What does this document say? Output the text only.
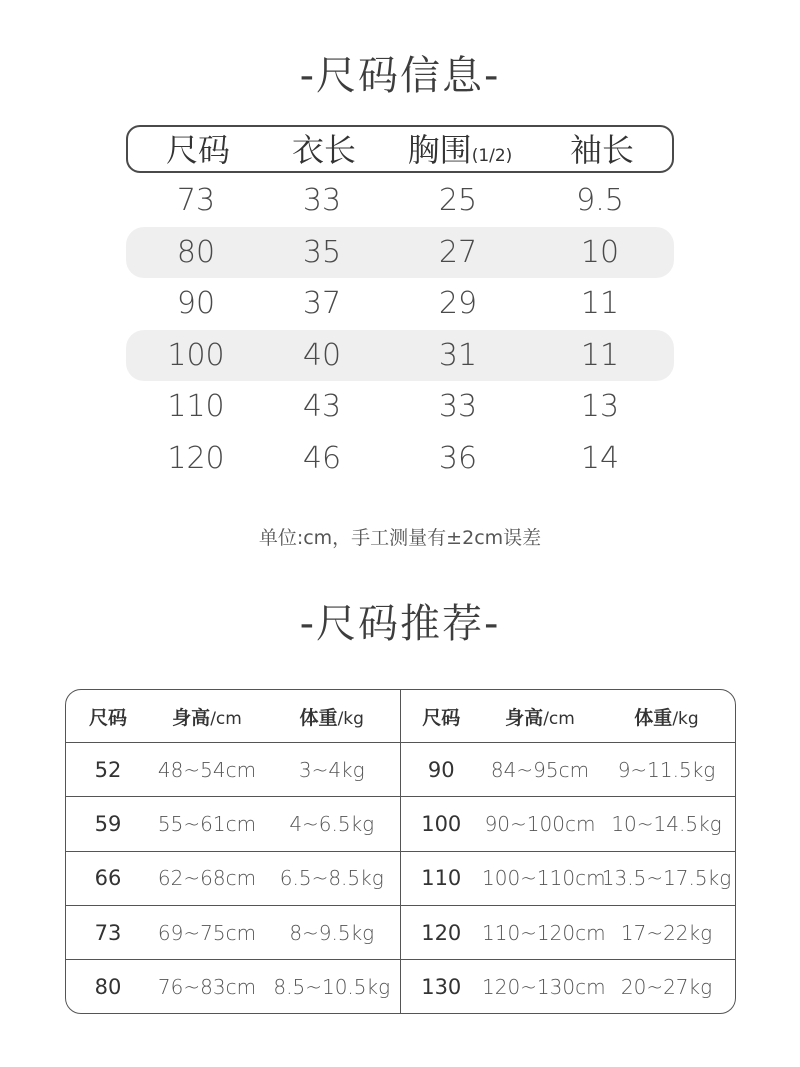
-尺码信息-
尺码	衣长	胸围(1/2)	袖长
73	33	25	9.5
80	35	27	10
90	37	29	11
100	40	31	11
110	43	33	13
120	46	36	14
单位:cm，手工测量有±2cm误差
-尺码推荐-
尺码	身高/cm	体重/kg	尺码	身高/cm	体重/kg
52	48~54cm	3~4kg	90	84~95cm	9~11.5kg
59	55~61cm	4~6.5kg	100	90~100cm	10~14.5kg
66	62~68cm	6.5~8.5kg	110	100~110cm	13.5~17.5kg
73	69~75cm	8~9.5kg	120	110~120cm	17~22kg
80	76~83cm	8.5~10.5kg	130	120~130cm	20~27kg
